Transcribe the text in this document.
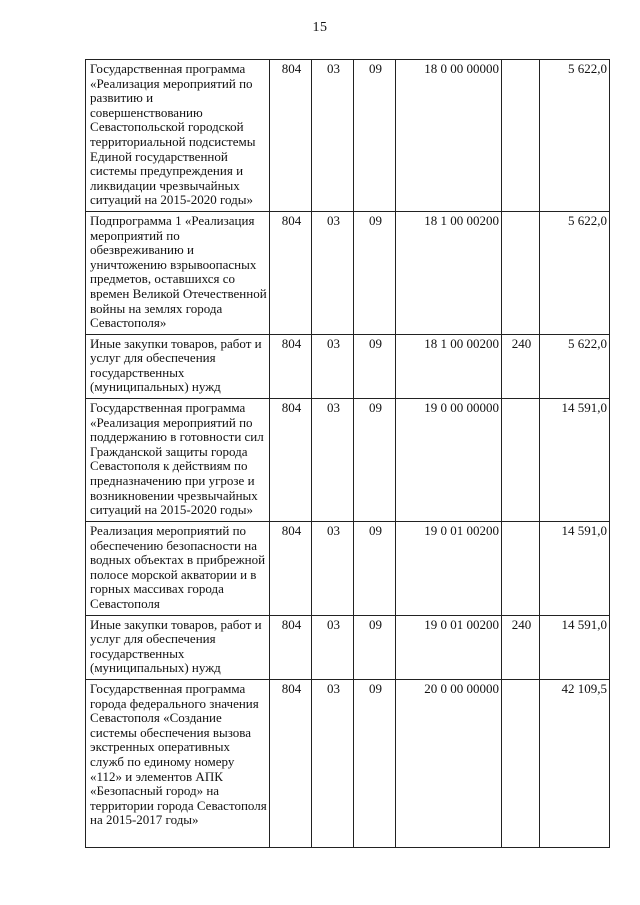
15
Государственная программа «Реализация мероприятий по развитию и совершенствованию Севастопольской городской территориальной подсистемы Единой государственной системы предупреждения и ликвидации чрезвычайных ситуаций на 2015-2020 годы»	804	03	09	18 0 00 00000		5 622,0
Подпрограмма 1 «Реализация мероприятий по обезвреживанию и уничтожению взрывоопасных предметов, оставшихся со времен Великой Отечественной войны на землях города Севастополя»	804	03	09	18 1 00 00200		5 622,0
Иные закупки товаров, работ и услуг для обеспечения государственных (муниципальных) нужд	804	03	09	18 1 00 00200	240	5 622,0
Государственная программа «Реализация мероприятий по поддержанию в готовности сил Гражданской защиты города Севастополя к действиям по предназначению при угрозе и возникновении чрезвычайных ситуаций на 2015-2020 годы»	804	03	09	19 0 00 00000		14 591,0
Реализация мероприятий по обеспечению безопасности на водных объектах в прибрежной полосе морской акватории и в горных массивах города Севастополя	804	03	09	19 0 01 00200		14 591,0
Иные закупки товаров, работ и услуг для обеспечения государственных (муниципальных) нужд	804	03	09	19 0 01 00200	240	14 591,0
Государственная программа города федерального значения Севастополя «Создание системы обеспечения вызова экстренных оперативных служб по единому номеру «112» и элементов АПК «Безопасный город» на территории города Севастополя на 2015-2017 годы»	804	03	09	20 0 00 00000		42 109,5
